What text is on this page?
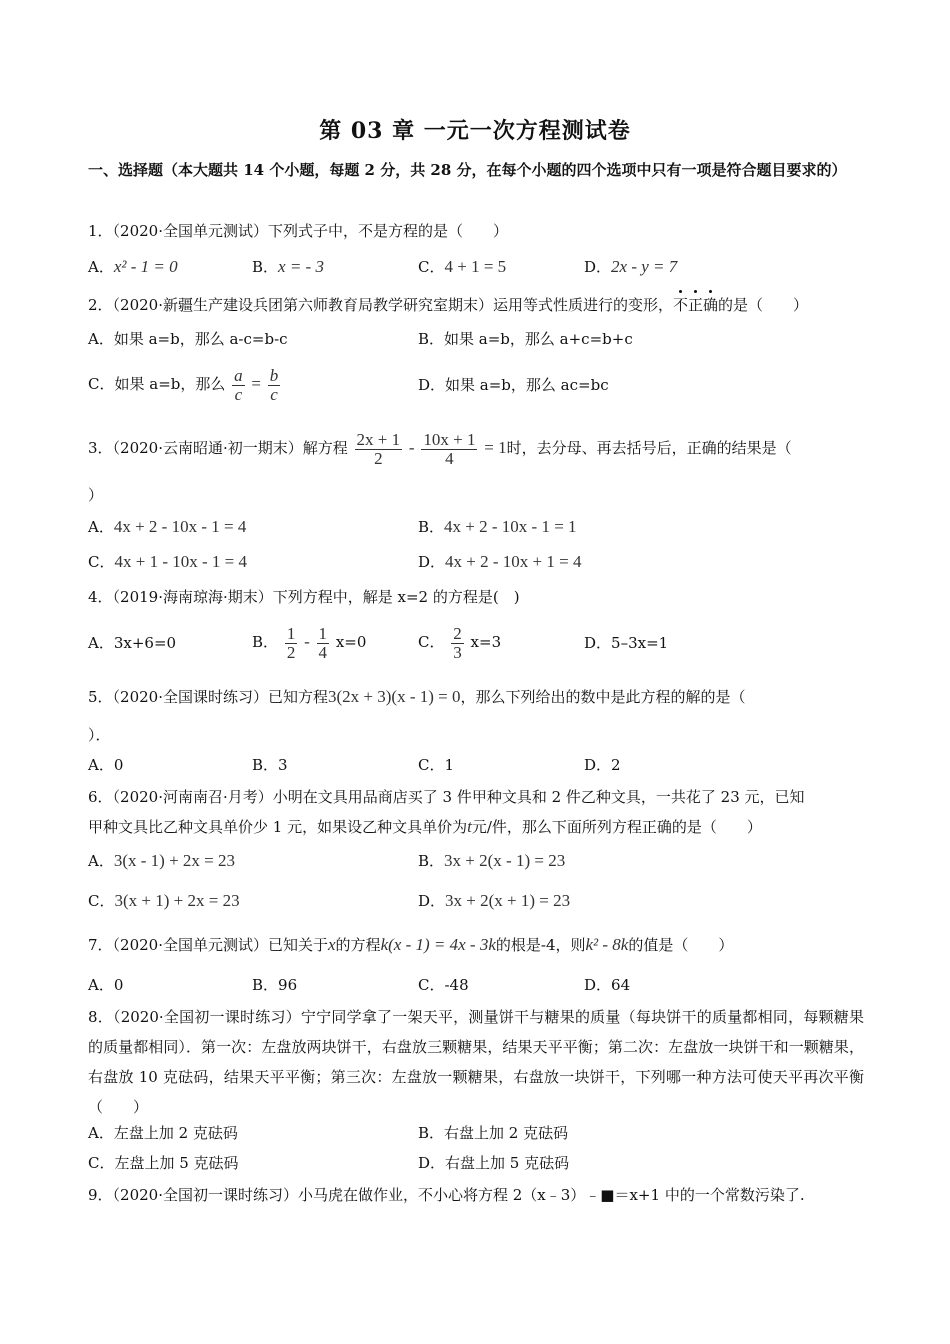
第 03 章 一元一次方程测试卷
一、选择题（本大题共 14 个小题，每题 2 分，共 28 分，在每个小题的四个选项中只有一项是符合题目要求的）
1．（2020·全国单元测试）下列式子中，不是方程的是（　　）
A．x² - 1 = 0	B．x = - 3	C．4 + 1 = 5	D．2x - y = 7
2．（2020·新疆生产建设兵团第六师教育局教学研究室期末）运用等式性质进行的变形，
不正确的是（　　）
A．如果 a=b，那么 a-c=b-c	B．如果 a=b，那么 a+c=b+c
C．如果 a=b，那么 $\frac{a}{c} = \frac{b}{c}$	D．如果 a=b，那么 ac=bc
3．（2020·云南昭通·初一期末）解方程 $\frac{2x + 1}{2} - \frac{10x + 1}{4} = 1$时，去分母、再去括号后，正确的结果是（
）
A．4x + 2 - 10x - 1 = 4	B．4x + 2 - 10x - 1 = 1
C．4x + 1 - 10x - 1 = 4	D．4x + 2 - 10x + 1 = 4
4．（2019·海南琼海·期末）下列方程中，解是 x=2 的方程是(　)
A．3x+6=0	B． $\frac{1}{2} - \frac{1}{4} x=0$	C． $\frac{2}{3} x=3$	D．5–3x=1
5．（2020·全国课时练习）已知方程3(2x + 3)(x - 1) = 0，那么下列给出的数中是此方程的解的是（
）．
A．0	B．3	C．1	D．2
6．（2020·河南南召·月考）小明在文具用品商店买了 3 件甲种文具和 2 件乙种文具，一共花了 23 元，已知
甲种文具比乙种文具单价少 1 元，如果设乙种文具单价为t元/件，那么下面所列方程正确的是（　　）
A．3(x - 1) + 2x = 23	B．3x + 2(x - 1) = 23
C．3(x + 1) + 2x = 23	D．3x + 2(x + 1) = 23
7．（2020·全国单元测试）已知关于x的方程k(x - 1) = 4x - 3k的根是-4，则k² - 8k的值是（　　）
A．0	B．96	C．-48	D．64
8．（2020·全国初一课时练习）宁宁同学拿了一架天平，测量饼干与糖果的质量（每块饼干的质量都相同，每颗糖果的质量都相同）．第一次：左盘放两块饼干，右盘放三颗糖果，结果天平平衡；第二次：左盘放一块饼干和一颗糖果，右盘放 10 克砝码，结果天平平衡；第三次：左盘放一颗糖果，右盘放一块饼干，下列哪一种方法可使天平再次平衡（　　）
A．左盘上加 2 克砝码	B．右盘上加 2 克砝码
C．左盘上加 5 克砝码	D．右盘上加 5 克砝码
9．（2020·全国初一课时练习）小马虎在做作业，不小心将方程 2（x﹣3）﹣■＝x+1 中的一个常数污染了.
